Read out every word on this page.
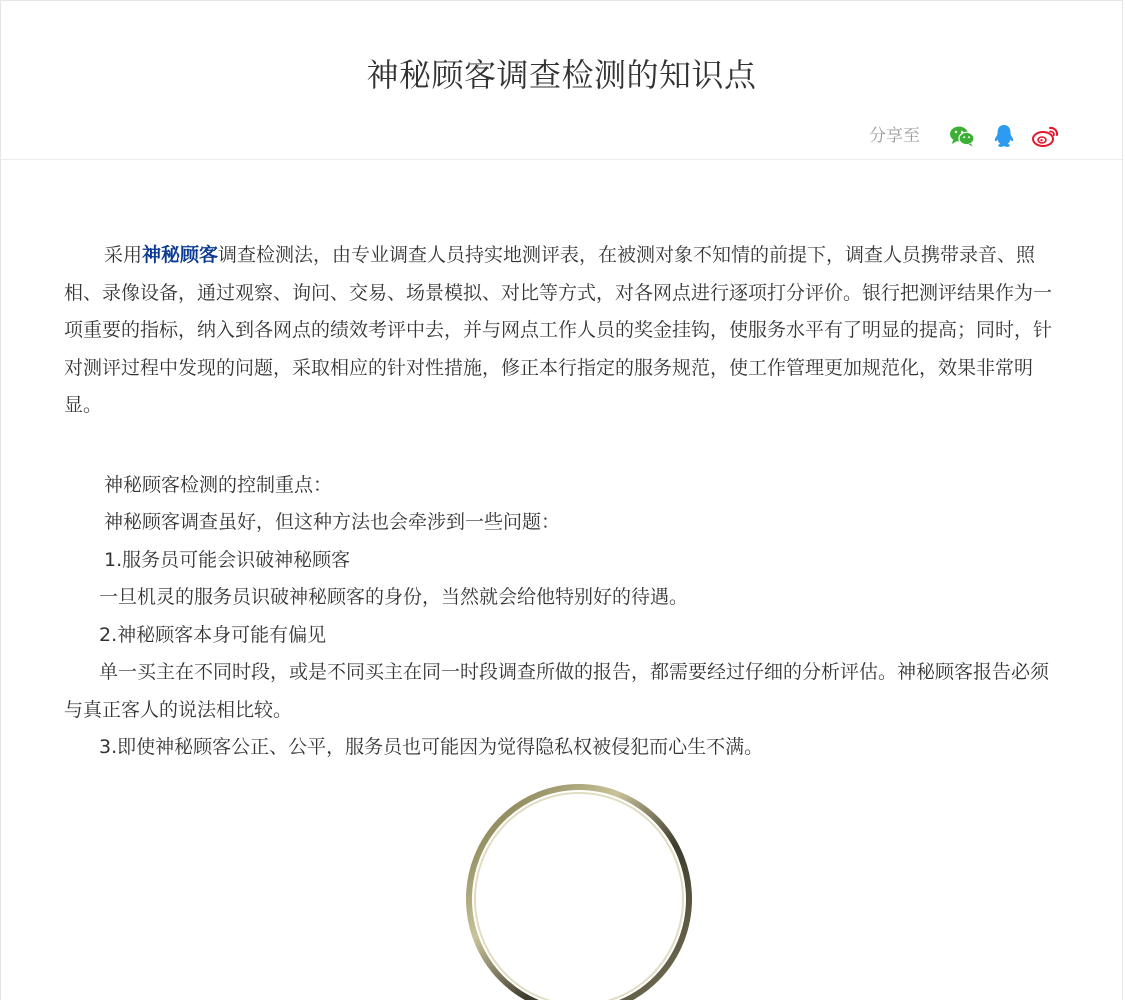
神秘顾客调查检测的知识点
分享至

采用神秘顾客调查检测法，由专业调查人员持实地测评表，在被测对象不知情的前提下，调查人员携带录音、照相、录像设备，通过观察、询问、交易、场景模拟、对比等方式，对各网点进行逐项打分评价。银行把测评结果作为一项重要的指标，纳入到各网点的绩效考评中去，并与网点工作人员的奖金挂钩，使服务水平有了明显的提高；同时，针对测评过程中发现的问题，采取相应的针对性措施，修正本行指定的服务规范，使工作管理更加规范化，效果非常明显。

神秘顾客检测的控制重点：

神秘顾客调查虽好，但这种方法也会牵涉到一些问题：

1.服务员可能会识破神秘顾客

一旦机灵的服务员识破神秘顾客的身份，当然就会给他特别好的待遇。

2.神秘顾客本身可能有偏见

单一买主在不同时段，或是不同买主在同一时段调查所做的报告，都需要经过仔细的分析评估。神秘顾客报告必须与真正客人的说法相比较。

3.即使神秘顾客公正、公平，服务员也可能因为觉得隐私权被侵犯而心生不满。
